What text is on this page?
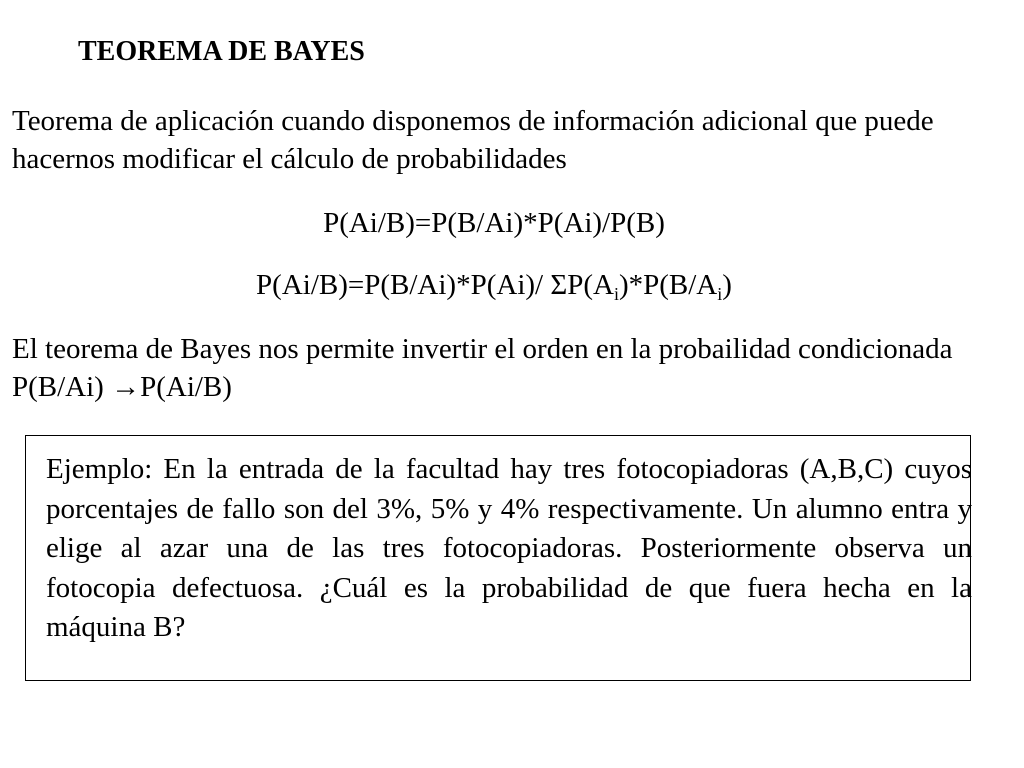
TEOREMA DE BAYES
Teorema de aplicación cuando disponemos de información adicional que puede hacernos modificar el cálculo de probabilidades
P(Ai/B)=P(B/Ai)*P(Ai)/P(B)
P(Ai/B)=P(B/Ai)*P(Ai)/ $\Sigma P(A_i)*P(B/A_i)$
El teorema de Bayes nos permite invertir el orden en la probailidad condicionada P(B/Ai) →P(Ai/B)
Ejemplo: En la entrada de la facultad hay tres fotocopiadoras (A,B,C) cuyos porcentajes de fallo son del 3%, 5% y 4% respectivamente. Un alumno entra y elige al azar una de las tres fotocopiadoras. Posteriormente observa un fotocopia defectuosa. ¿Cuál es la probabilidad de que fuera hecha en la máquina B?
